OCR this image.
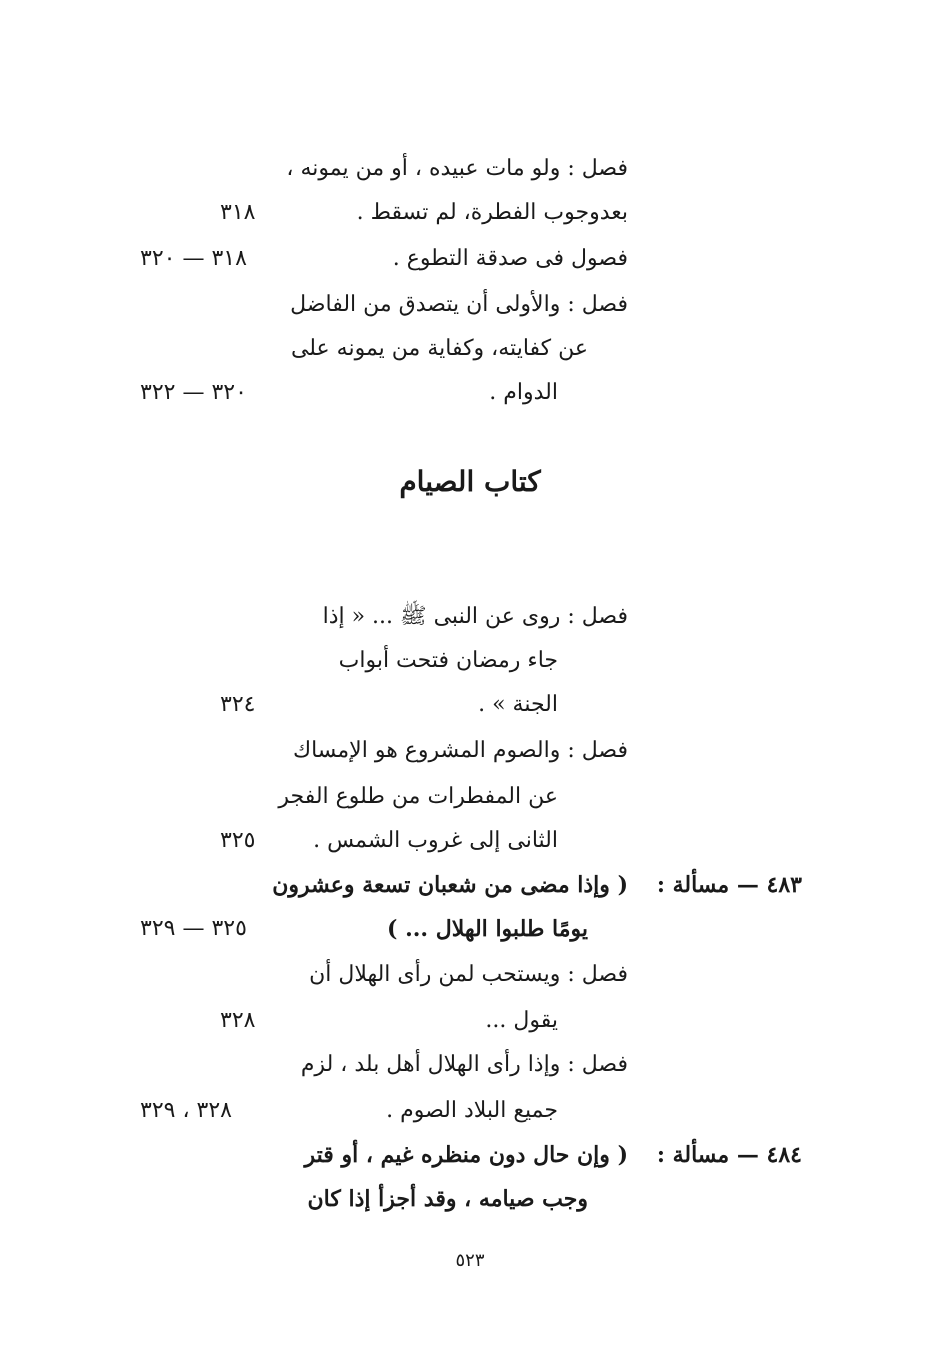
فصل : ولو مات عبيده ، أو من يمونه ،
بعدوجوب الفطرة، لم تسقط .
٣١٨
فصول فى صدقة التطوع .
٣١٨ — ٣٢٠
فصل : والأولى أن يتصدق من الفاضل
عن كفايته، وكفاية من يمونه على
الدوام .
٣٢٠ — ٣٢٢
كتاب الصيام
فصل : روى عن النبى ﷺ ... « إذا
جاء رمضان فتحت أبواب
الجنة » .
٣٢٤
فصل : والصوم المشروع هو الإمساك
عن المفطرات من طلوع الفجر
الثانى إلى غروب الشمس .
٣٢٥
٤٨٣ — مسألة :
( وإذا مضى من شعبان تسعة وعشرون
يومًا طلبوا الهلال ... )
٣٢٥ — ٣٢٩
فصل : ويستحب لمن رأى الهلال أن
يقول ...
٣٢٨
فصل : وإذا رأى الهلال أهل بلد ، لزم
جميع البلاد الصوم .
٣٢٨ ، ٣٢٩
٤٨٤ — مسألة :
( وإن حال دون منظره غيم ، أو قتر
وجب صيامه ، وقد أجزأ إذا كان
٥٢٣
